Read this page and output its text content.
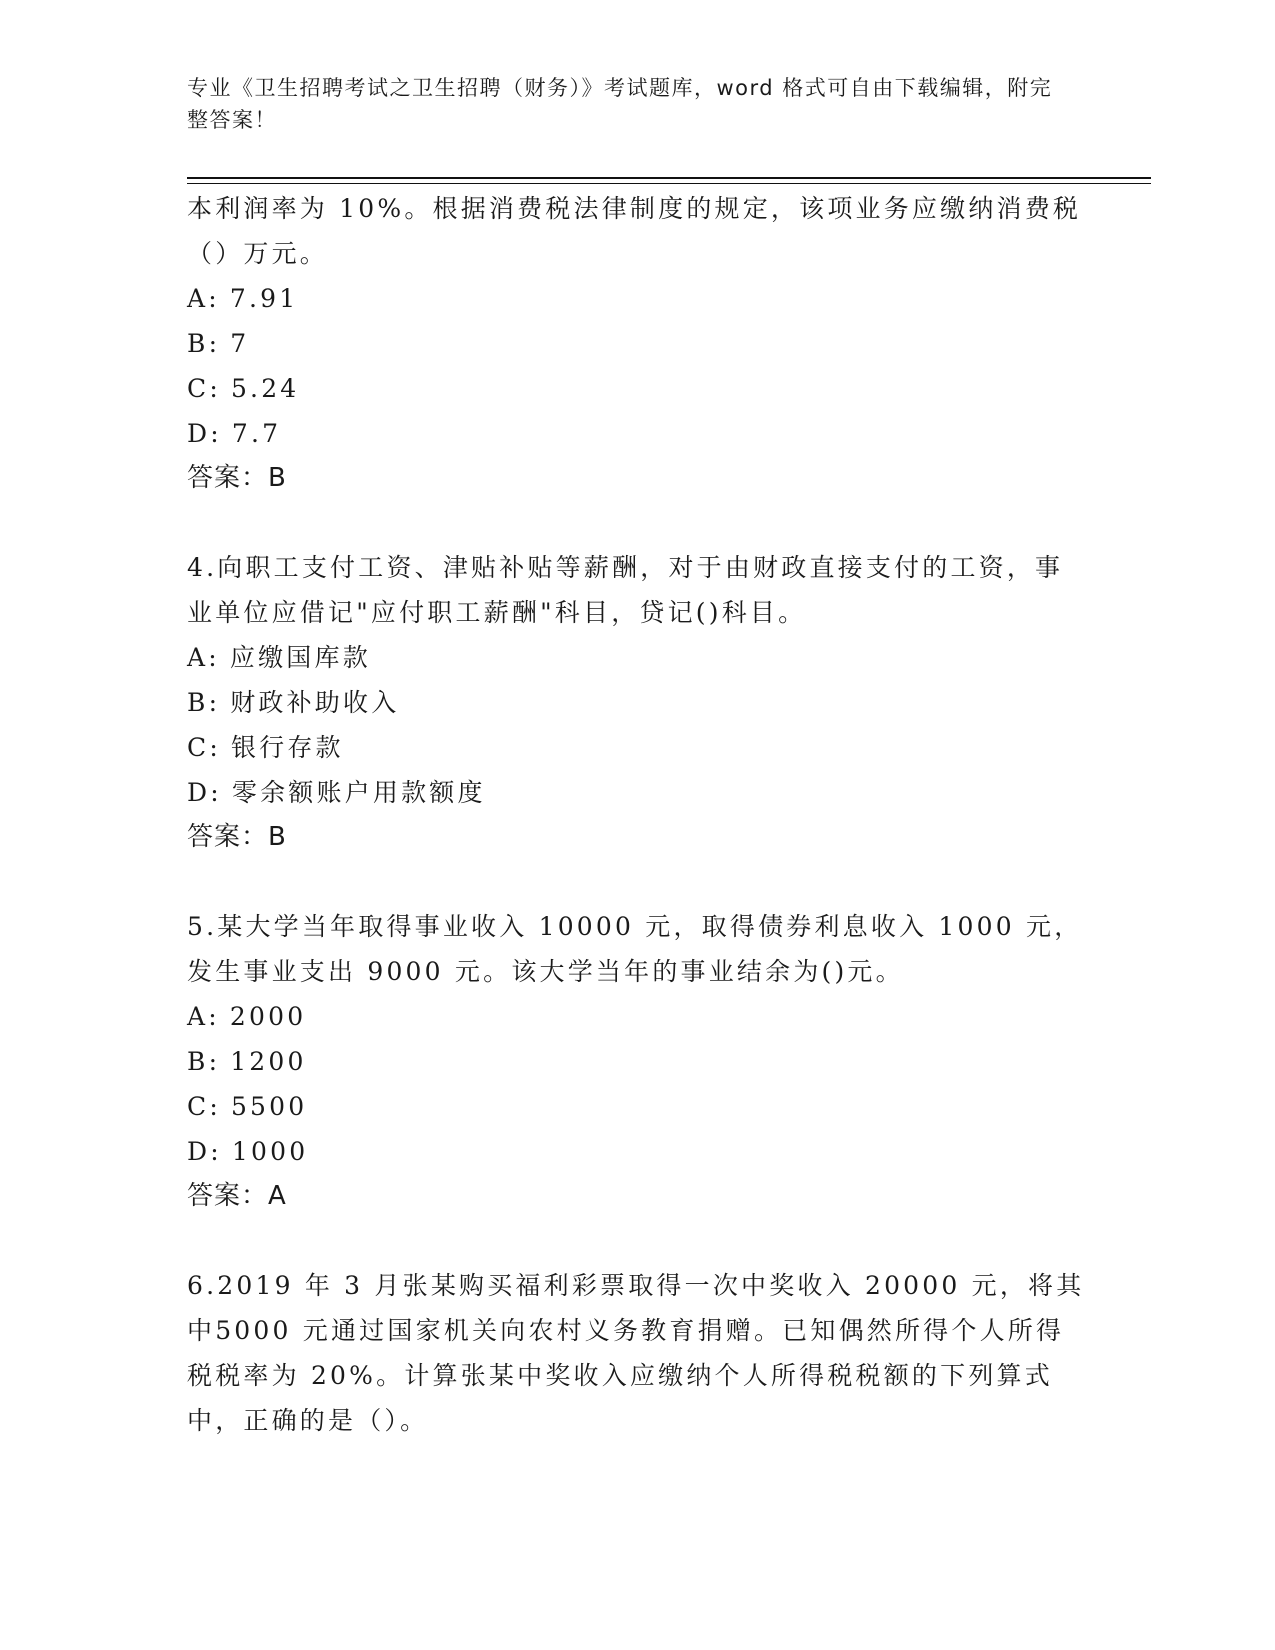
专业《卫生招聘考试之卫生招聘（财务）》考试题库，word 格式可自由下载编辑，附完整答案！

本利润率为 10%。根据消费税法律制度的规定，该项业务应缴纳消费税（）万元。

A: 7.91

B: 7

C: 5.24

D: 7.7

答案：B

4.向职工支付工资、津贴补贴等薪酬，对于由财政直接支付的工资，事业单位应借记"应付职工薪酬"科目，贷记()科目。

A: 应缴国库款

B: 财政补助收入

C: 银行存款

D: 零余额账户用款额度

答案：B

5.某大学当年取得事业收入 10000 元，取得债券利息收入 1000 元，发生事业支出 9000 元。该大学当年的事业结余为()元。

A: 2000

B: 1200

C: 5500

D: 1000

答案：A

6.2019 年 3 月张某购买福利彩票取得一次中奖收入 20000 元，将其中5000 元通过国家机关向农村义务教育捐赠。已知偶然所得个人所得税税率为 20%。计算张某中奖收入应缴纳个人所得税税额的下列算式中，正确的是（）。
